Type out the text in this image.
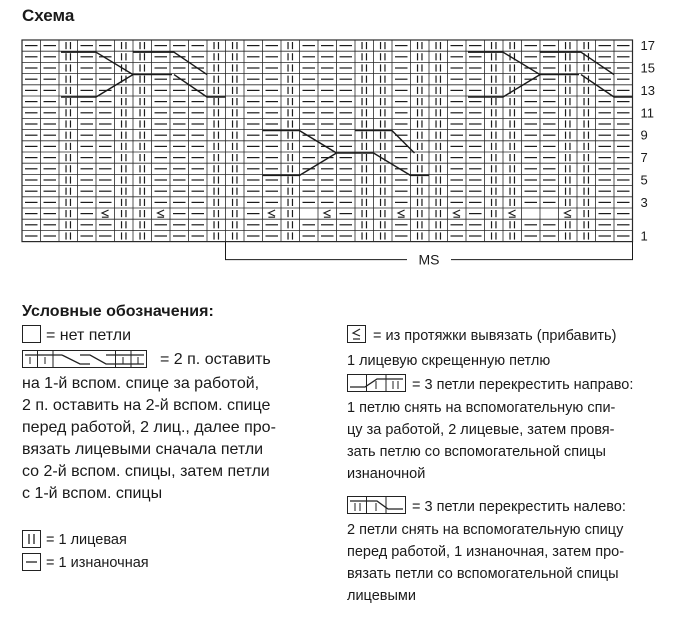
Схема
17
15
13
11
9
7
5
3
1
MS
Условные обозначения:
= нет петли
= 2 п. оставить
на 1-й вспом. спице за работой,
2 п. оставить на 2-й вспом. спице
перед работой, 2 лиц., далее про-
вязать лицевыми сначала петли
со 2-й вспом. спицы, затем петли
с 1-й вспом. спицы
= 1 лицевая
= 1 изнаночная
= из протяжки вывязать (прибавить)
1 лицевую скрещенную петлю
= 3 петли перекрестить направо:
1 петлю снять на вспомогательную спи-
цу за работой, 2 лицевые, затем провя-
зать петлю со вспомогательной спицы
изнаночной
= 3 петли перекрестить налево:
2 петли снять на вспомогательную спицу
перед работой, 1 изнаночная, затем про-
вязать петли со вспомогательной спицы
лицевыми
